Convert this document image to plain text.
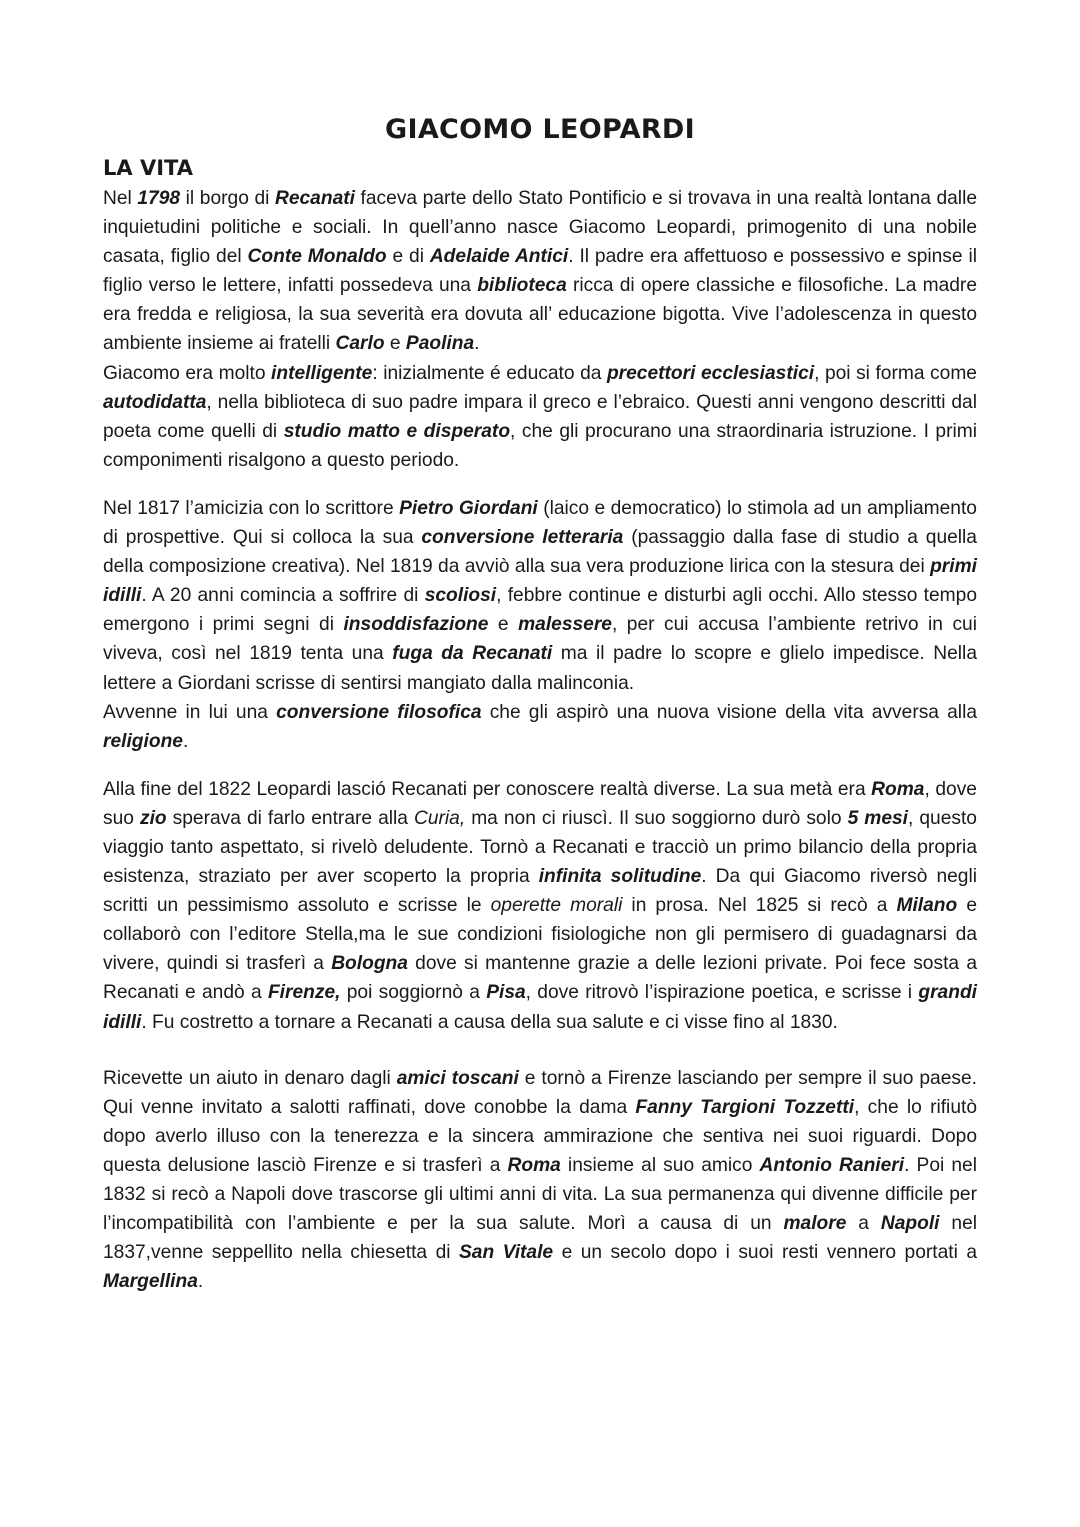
GIACOMO LEOPARDI
LA VITA

Nel 1798 il borgo di Recanati faceva parte dello Stato Pontificio e si trovava in una realtà lontana dalle inquietudini politiche e sociali. In quell’anno nasce Giacomo Leopardi, primogenito di una nobile casata, figlio del Conte Monaldo e di Adelaide Antici. Il padre era affettuoso e possessivo e spinse il figlio verso le lettere, infatti possedeva una biblioteca ricca di opere classiche e filosofiche. La madre era fredda e religiosa, la sua severità era dovuta all’ educazione bigotta. Vive l’adolescenza in questo ambiente insieme ai fratelli Carlo e Paolina.

Giacomo era molto intelligente: inizialmente é educato da precettori ecclesiastici, poi si forma come autodidatta, nella biblioteca di suo padre impara il greco e l’ebraico. Questi anni vengono descritti dal poeta come quelli di studio matto e disperato, che gli procurano una straordinaria istruzione. I primi componimenti risalgono a questo periodo.

Nel 1817 l’amicizia con lo scrittore Pietro Giordani (laico e democratico) lo stimola ad un ampliamento di prospettive. Qui si colloca la sua conversione letteraria (passaggio dalla fase di studio a quella della composizione creativa). Nel 1819 da avviò alla sua vera produzione lirica con la stesura dei primi idilli. A 20 anni comincia a soffrire di scoliosi, febbre continue e disturbi agli occhi. Allo stesso tempo emergono i primi segni di insoddisfazione e malessere, per cui accusa l’ambiente retrivo in cui viveva, così nel 1819 tenta una fuga da Recanati ma il padre lo scopre e glielo impedisce. Nella lettere a Giordani scrisse di sentirsi mangiato dalla malinconia.

Avvenne in lui una conversione filosofica che gli aspirò una nuova visione della vita avversa alla religione.

Alla fine del 1822 Leopardi lasció Recanati per conoscere realtà diverse. La sua metà era Roma, dove suo zio sperava di farlo entrare alla Curia, ma non ci riuscì. Il suo soggiorno durò solo 5 mesi, questo viaggio tanto aspettato, si rivelò deludente. Tornò a Recanati e tracciò un primo bilancio della propria esistenza, straziato per aver scoperto la propria infinita solitudine. Da qui Giacomo riversò negli scritti un pessimismo assoluto e scrisse le operette morali in prosa. Nel 1825 si recò a Milano e collaborò con l’editore Stella,ma le sue condizioni fisiologiche non gli permisero di guadagnarsi da vivere, quindi si trasferì a Bologna dove si mantenne grazie a delle lezioni private. Poi fece sosta a Recanati e andò a Firenze, poi soggiornò a Pisa, dove ritrovò l’ispirazione poetica, e scrisse i grandi idilli. Fu costretto a tornare a Recanati a causa della sua salute e ci visse fino al 1830.

Ricevette un aiuto in denaro dagli amici toscani e tornò a Firenze lasciando per sempre il suo paese. Qui venne invitato a salotti raffinati, dove conobbe la dama Fanny Targioni Tozzetti, che lo rifiutò dopo averlo illuso con la tenerezza e la sincera ammirazione che sentiva nei suoi riguardi. Dopo questa delusione lasciò Firenze e si trasferì a Roma insieme al suo amico Antonio Ranieri. Poi nel 1832 si recò a Napoli dove trascorse gli ultimi anni di vita. La sua permanenza qui divenne difficile per l’incompatibilità con l’ambiente e per la sua salute. Morì a causa di un malore a Napoli nel 1837,venne seppellito nella chiesetta di San Vitale e un secolo dopo i suoi resti vennero portati a Margellina.
